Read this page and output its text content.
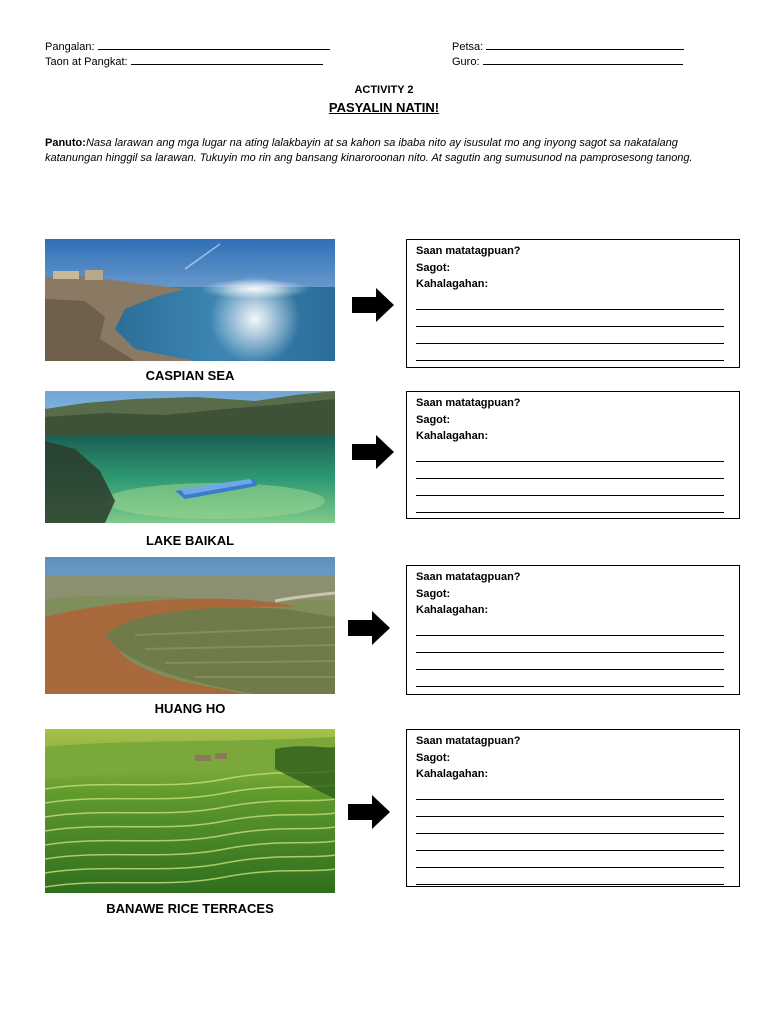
Pangalan:
Taon at Pangkat:
Petsa:
Guro:
ACTIVITY 2
PASYALIN NATIN!
Panuto:Nasa larawan ang mga lugar na ating lalakbayin at sa kahon sa ibaba nito ay isusulat mo ang inyong sagot sa nakatalang katanungan hinggil sa larawan. Tukuyin mo rin ang bansang kinaroroonan nito. At sagutin ang sumusunod na pamprosesong tanong.
CASPIAN SEA
Saan matatagpuan?
Sagot:
Kahalagahan:
LAKE BAIKAL
Saan matatagpuan?
Sagot:
Kahalagahan:
HUANG HO
Saan matatagpuan?
Sagot:
Kahalagahan:
BANAWE RICE TERRACES
Saan matatagpuan?
Sagot:
Kahalagahan:
